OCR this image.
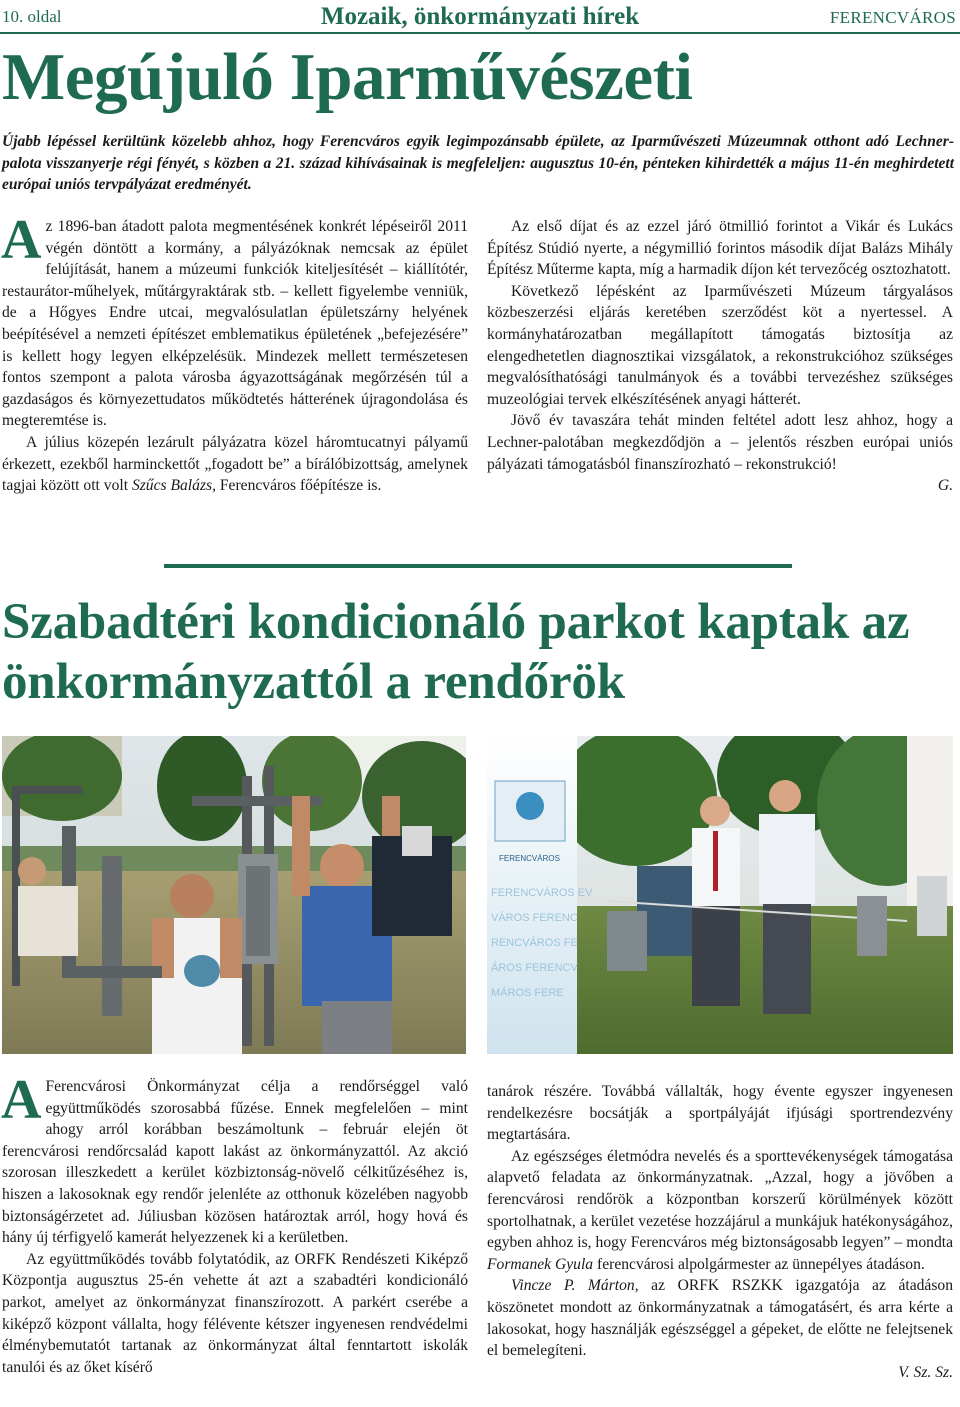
10. oldal	Mozaik, önkormányzati hírek	FERENCVÁROS
Megújuló Iparművészeti

Újabb lépéssel kerültünk közelebb ahhoz, hogy Ferencváros egyik legimpozánsabb épülete, az Iparművészeti Múzeumnak otthont adó Lechner-palota visszanyerje régi fényét, s közben a 21. század kihívásainak is megfeleljen: augusztus 10-én, pénteken kihirdették a május 11-én meghirdetett európai uniós tervpályázat eredményét.

Az 1896-ban átadott palota megmentésének konkrét lépéseiről 2011 végén döntött a kormány, a pályázóknak nemcsak az épület felújítását, hanem a múzeumi funkciók kiteljesítését – kiállítótér, restaurátor-műhelyek, műtárgyraktárak stb. – kellett figyelembe venniük, de a Hőgyes Endre utcai, megvalósulatlan épületszárny helyének beépítésével a nemzeti építészet emblematikus épületének „befejezésére” is kellett hogy legyen elképzelésük. Mindezek mellett természetesen fontos szempont a palota városba ágyazottságának megőrzésén túl a gazdaságos és környezettudatos működtetés hátterének újragondolása és megteremtése is.

A július közepén lezárult pályázatra közel háromtucatnyi pályamű érkezett, ezekből harminckettőt „fogadott be” a bírálóbizottság, amelynek tagjai között ott volt Szűcs Balázs, Ferencváros főépítésze is.

Az első díjat és az ezzel járó ötmillió forintot a Vikár és Lukács Építész Stúdió nyerte, a négymillió forintos második díjat Balázs Mihály Építész Műterme kapta, míg a harmadik díjon két tervezőcég osztozhatott.

Következő lépésként az Iparművészeti Múzeum tárgyalásos közbeszerzési eljárás keretében szerződést köt a nyertessel. A kormányhatározatban megállapított támogatás biztosítja az elengedhetetlen diagnosztikai vizsgálatok, a rekonstrukcióhoz szükséges megvalósíthatósági tanulmányok és a további tervezéshez szükséges muzeológiai tervek elkészítésének anyagi hátterét.

Jövő év tavaszára tehát minden feltétel adott lesz ahhoz, hogy a Lechner-palotában megkezdődjön a – jelentős részben európai uniós pályázati támogatásból finanszírozható – rekonstrukció!

G.

Szabadtéri kondicionáló parkot kaptak az önkormányzattól a rendőrök
FERENCVÁROS
FERENCVÁROS EV
VÁROS FERENC
RENCVÁROS FE
ÁROS FERENCV
MÁROS FERE

A Ferencvárosi Önkormányzat célja a rendőrséggel való együttműködés szorosabbá fűzése. Ennek megfelelően – mint ahogy arról korábban beszámoltunk – február elején öt ferencvárosi rendőrcsalád kapott lakást az önkormányzattól. Az akció szorosan illeszkedett a kerület közbiztonság-növelő célkitűzéséhez is, hiszen a lakosoknak egy rendőr jelenléte az otthonuk közelében nagyobb biztonságérzetet ad. Júliusban közösen határoztak arról, hogy hová és hány új térfigyelő kamerát helyezzenek ki a kerületben.

Az együttműködés tovább folytatódik, az ORFK Rendészeti Kiképző Központja augusztus 25-én vehette át azt a szabadtéri kondicionáló parkot, amelyet az önkormányzat finanszírozott. A parkért cserébe a kiképző központ vállalta, hogy félévente kétszer ingyenesen rendvédelmi élménybemutatót tartanak az önkormányzat által fenntartott iskolák tanulói és az őket kísérő

tanárok részére. Továbbá vállalták, hogy évente egyszer ingyenesen rendelkezésre bocsátják a sportpályáját ifjúsági sportrendezvény megtartására.

Az egészséges életmódra nevelés és a sporttevékenységek támogatása alapvető feladata az önkormányzatnak. „Azzal, hogy a jövőben a ferencvárosi rendőrök a központban korszerű körülmények között sportolhatnak, a kerület vezetése hozzájárul a munkájuk hatékonyságához, egyben ahhoz is, hogy Ferencváros még biztonságosabb legyen” – mondta Formanek Gyula ferencvárosi alpolgármester az ünnepélyes átadáson.

Vincze P. Márton, az ORFK RSZKK igazgatója az átadáson köszönetet mondott az önkormányzatnak a támogatásért, és arra kérte a lakosokat, hogy használják egészséggel a gépeket, de előtte ne felejtsenek el bemelegíteni.

V. Sz. Sz.
